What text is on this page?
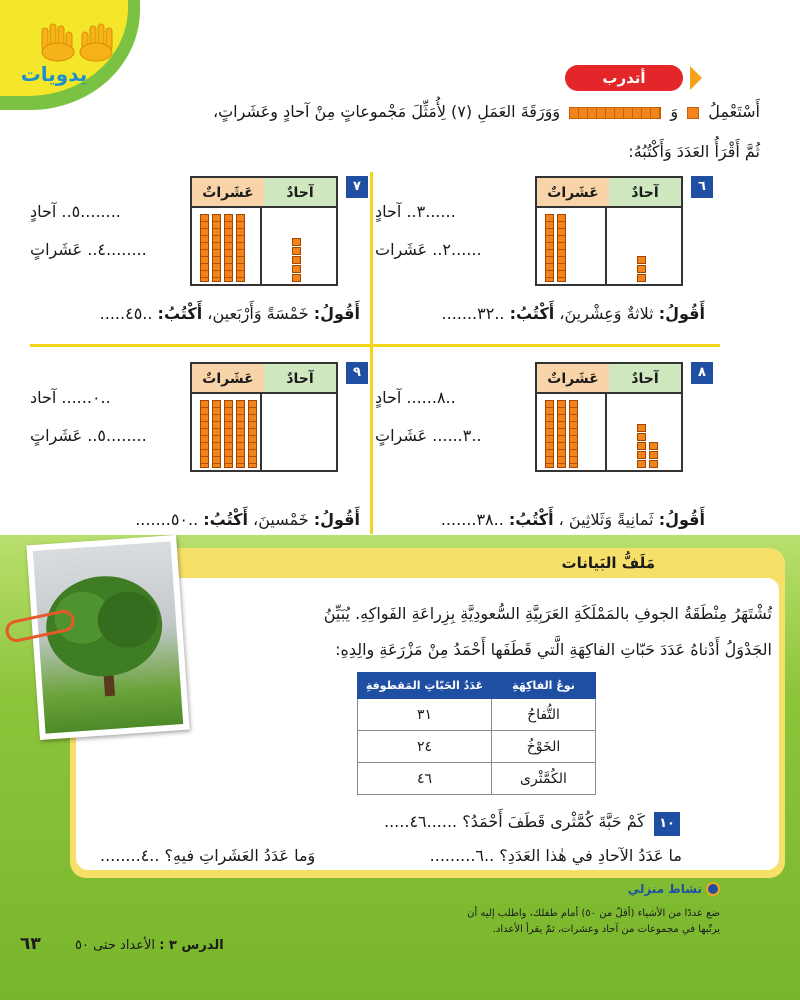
يدويات	أتدرب
أَسْتَعْمِلُ  وَ  وَوَرَقَةَ العَمَلِ (٧) لِأُمَثِّلَ مَجْموعاتٍ مِنْ آحادٍ وعَشَراتٍ،
ثُمَّ أَقْرَأُ العَدَدَ وَأَكْتُبُهُ:
٦
آحادٌ
عَشَراتٌ
......٣.. آحادٍ
......٢.. عَشَرات
أَقُولُ: ثلاثةٌ وَعِشْرينَ، أَكْتُبُ: ..٣٢.......
٧
آحادٌ
عَشَراتٌ
........٥.. آحادٍ
........٤.. عَشَراتٍ
أَقُولُ: خَمْسَةً وَأَرْبَعين، أَكْتُبُ: ..٤٥.....
٨
آحادٌ
عَشَراتٌ
..٨...... آحادٍ
..٣...... عَشَراتٍ
أَقُولُ: ثَمانِيةً وَثَلاثِينَ ، أَكْتُبُ: ..٣٨.......
٩
آحادٌ
عَشَراتٌ
..٠...... آحاد
........٥.. عَشَراتٍ
أَقُولُ: خَمْسينَ، أَكْتُبُ: ..٥٠.......
مَلَفُّ البَيانات
تُشْتَهَرُ مِنْطَقَةُ الجوفِ بالمَمْلَكَةِ العَرَبِيَّةِ السُّعودِيَّةِ بِزِراعَةِ الفَواكِهِ. يُبَيِّنُ
الجَدْوَلُ أَدْناهُ عَدَدَ حَبّاتِ الفاكِهَةِ الَّتي قَطَفَها أَحْمَدُ مِنْ مَزْرَعَةِ والِدِهِ:
نوعُ الفاكِهَةِ	عَدَدُ الحَبّاتِ المَقطوفةِ
التُّفاحُ	٣١
الخَوْخُ	٢٤
الكُمَّثْرى	٤٦
١٠
كَمْ حَبَّةَ كُمَّثْرى قَطَفَ أَحْمَدُ؟ ......٤٦.....
ما عَدَدُ الآحادِ في هٰذا العَدَدِ؟ ..٦.........
وَما عَدَدُ العَشَراتِ فيهِ؟ ..٤........
نشاط منزلي
ضع عددًا من الأشياء (أقلّ من ٥٠) أمام طفلك، واطلب إليه أن
يرتّبها في مجموعات من آحاد وعشرات، ثمّ يقرأ الأعداد.
الدرس ٣ : الأعداد حتى ٥٠
٦٣
